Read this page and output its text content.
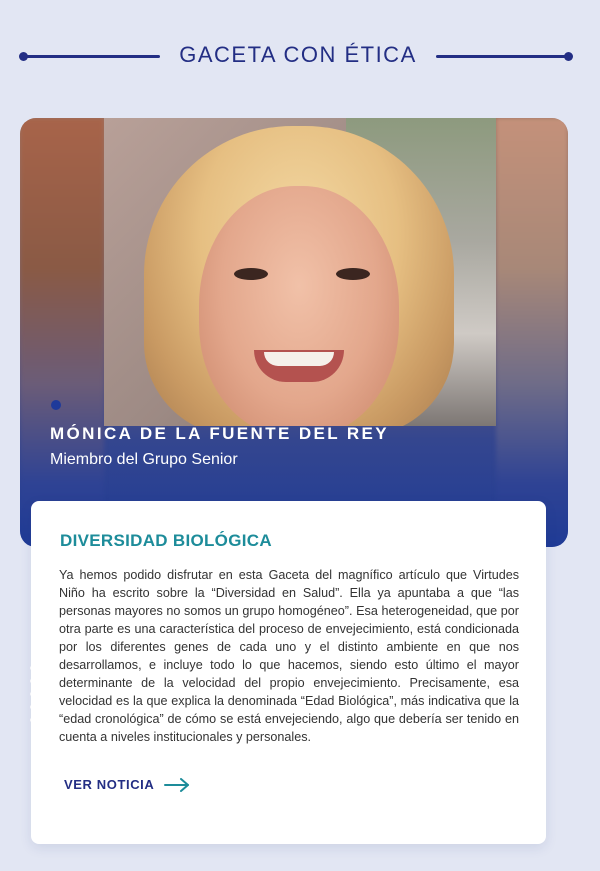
GACETA CON ÉTICA
MÓNICA DE LA FUENTE DEL REY
Miembro del Grupo Senior
DIVERSIDAD BIOLÓGICA

Ya hemos podido disfrutar en esta Gaceta del magnífico artículo que Virtudes Niño ha escrito sobre la “Diversidad en Salud”. Ella ya apuntaba a que “las personas mayores no somos un grupo homogéneo”. Esa heterogeneidad, que por otra parte es una característica del proceso de envejecimiento, está condicionada por los diferentes genes de cada uno y el distinto ambiente en que nos desarrollamos, e incluye todo lo que hacemos, siendo esto último el mayor determinante de la velocidad del propio envejecimiento. Precisamente, esa velocidad es la que explica la denominada “Edad Biológica”, más indicativa que la “edad cronológica” de cómo se está envejeciendo, algo que debería ser tenido en cuenta a niveles institucionales y personales.

VER NOTICIA
